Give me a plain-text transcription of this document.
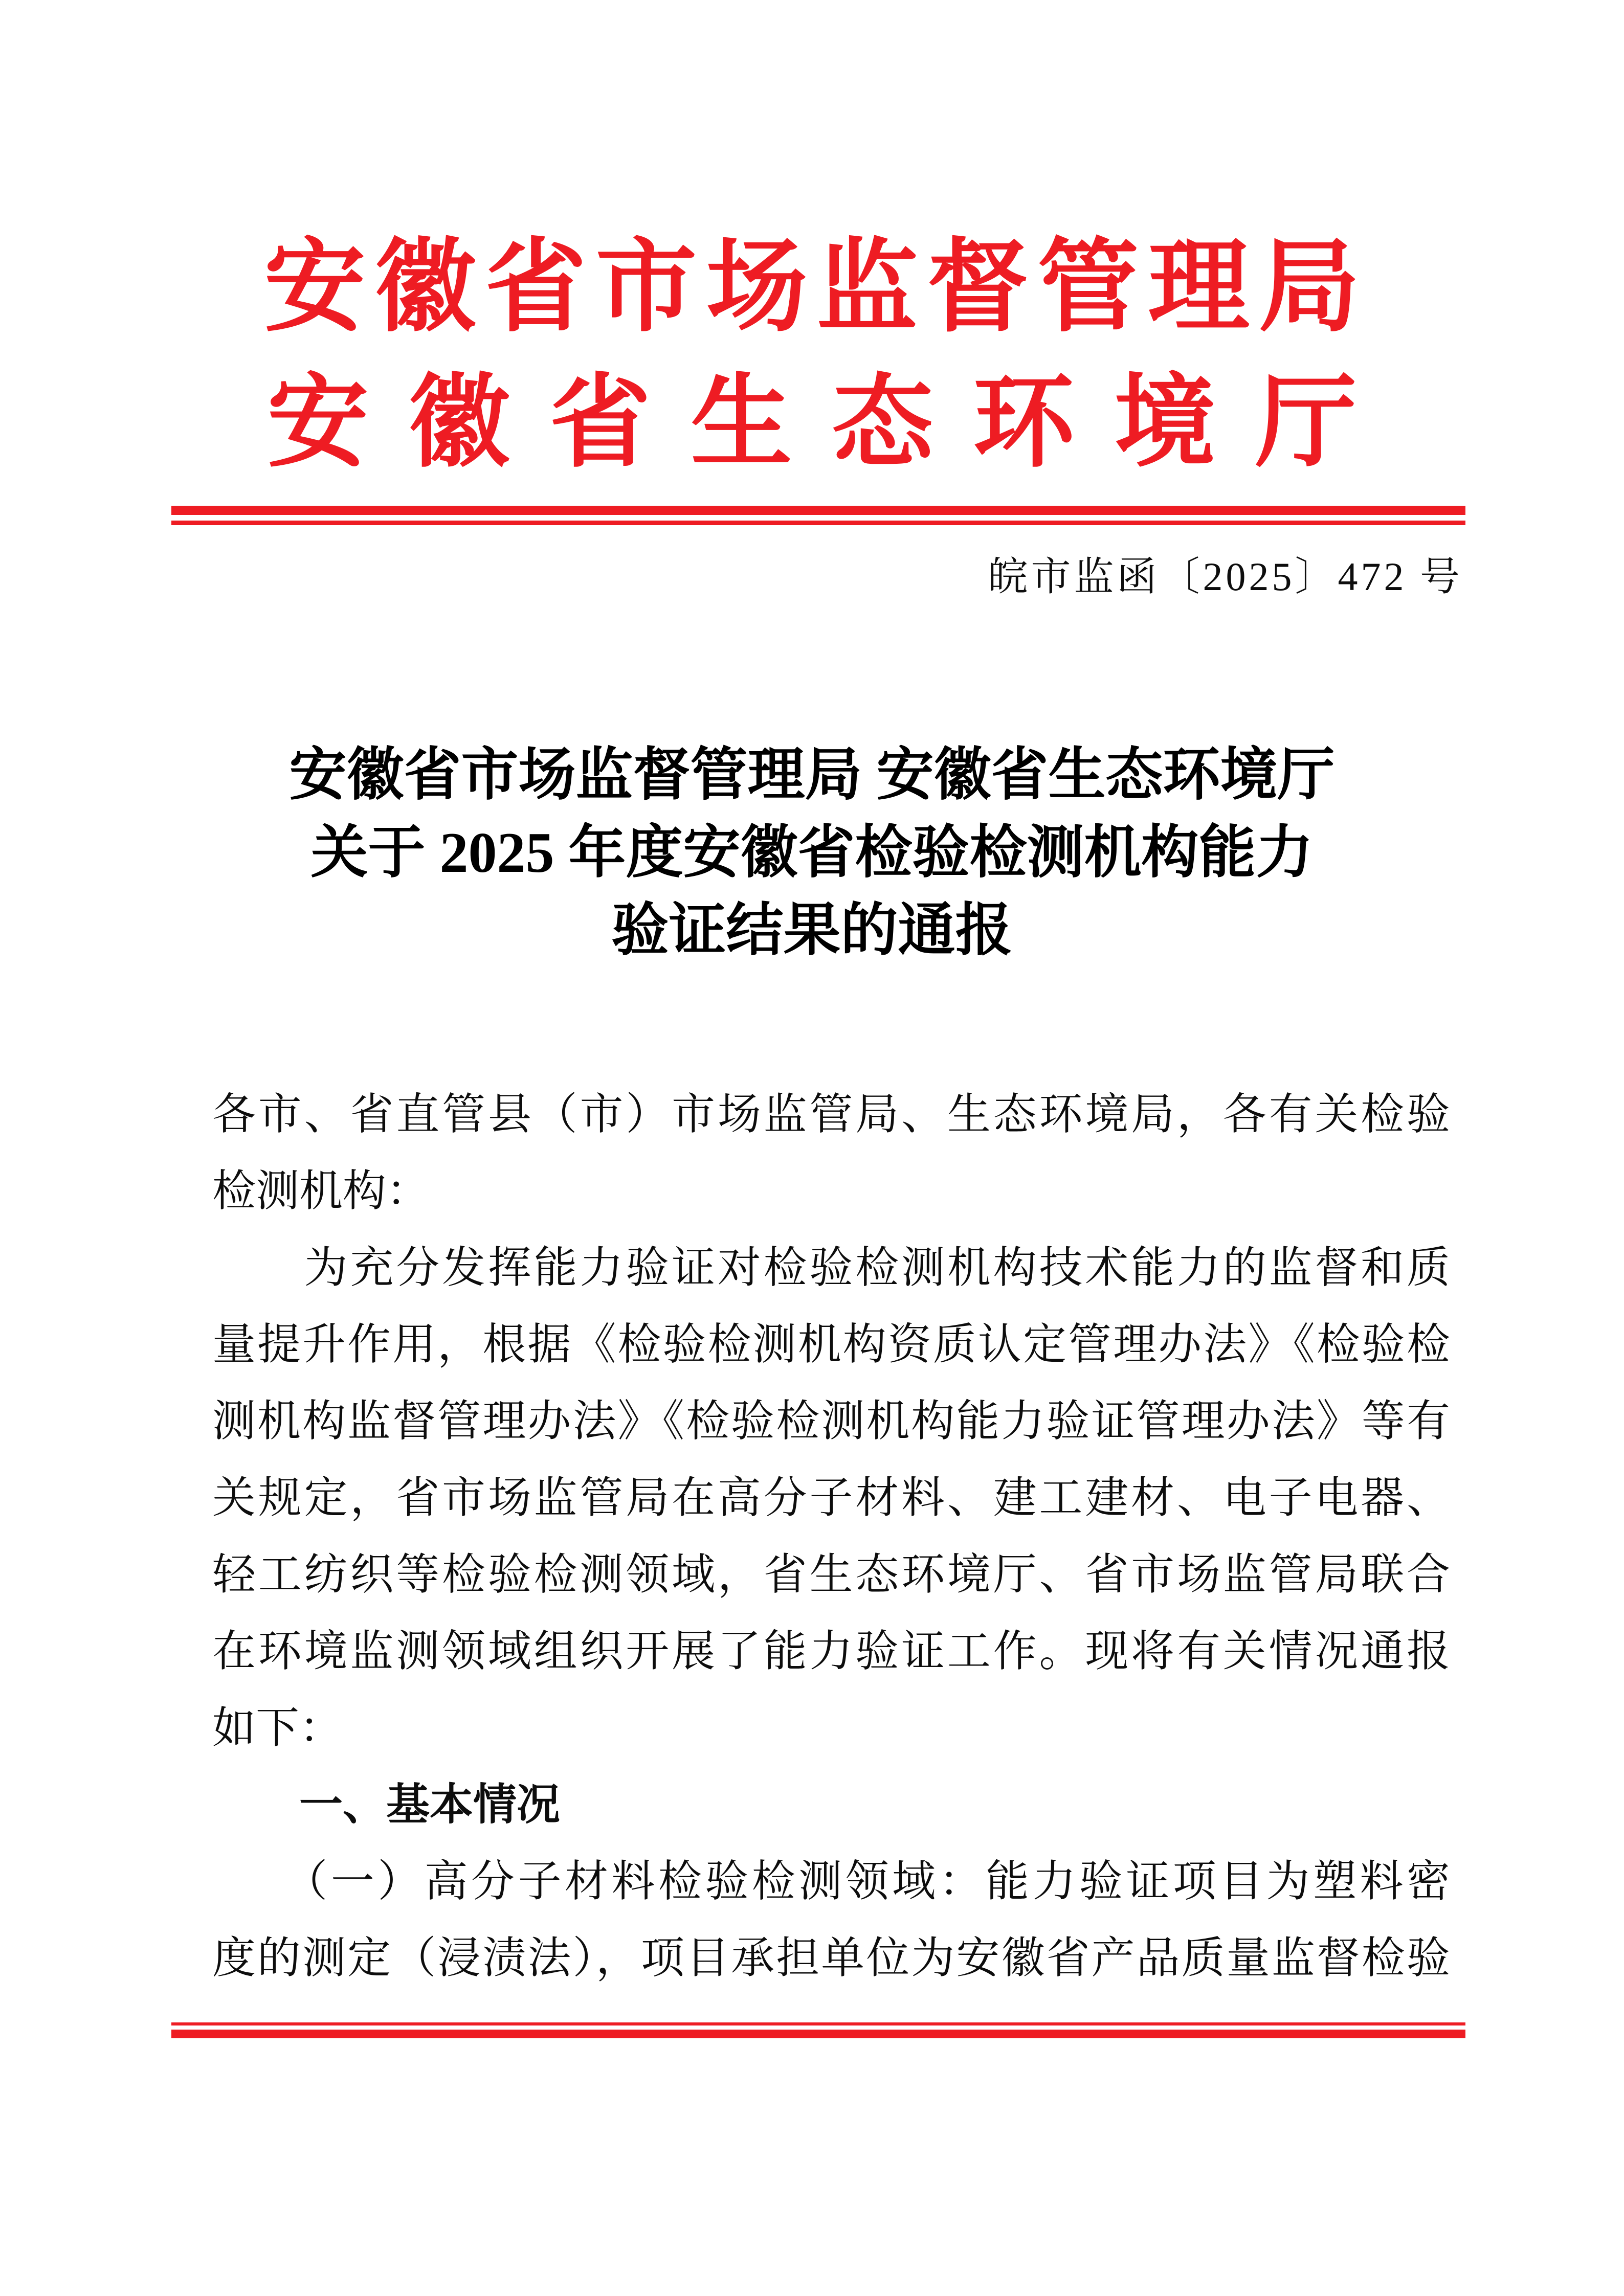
安徽省市场监督管理局
安徽省生态环境厅
皖市监函〔2025〕472 号
安徽省市场监督管理局 安徽省生态环境厅
关于 2025 年度安徽省检验检测机构能力
验证结果的通报
各市、省直管县（市）市场监管局、生态环境局，各有关检验
检测机构：
　　为充分发挥能力验证对检验检测机构技术能力的监督和质
量提升作用，根据《检验检测机构资质认定管理办法》《检验检
测机构监督管理办法》《检验检测机构能力验证管理办法》等有
关规定，省市场监管局在高分子材料、建工建材、电子电器、
轻工纺织等检验检测领域，省生态环境厅、省市场监管局联合
在环境监测领域组织开展了能力验证工作。现将有关情况通报
如下：
　　一、基本情况
　　（一）高分子材料检验检测领域：能力验证项目为塑料密
度的测定（浸渍法），项目承担单位为安徽省产品质量监督检验
